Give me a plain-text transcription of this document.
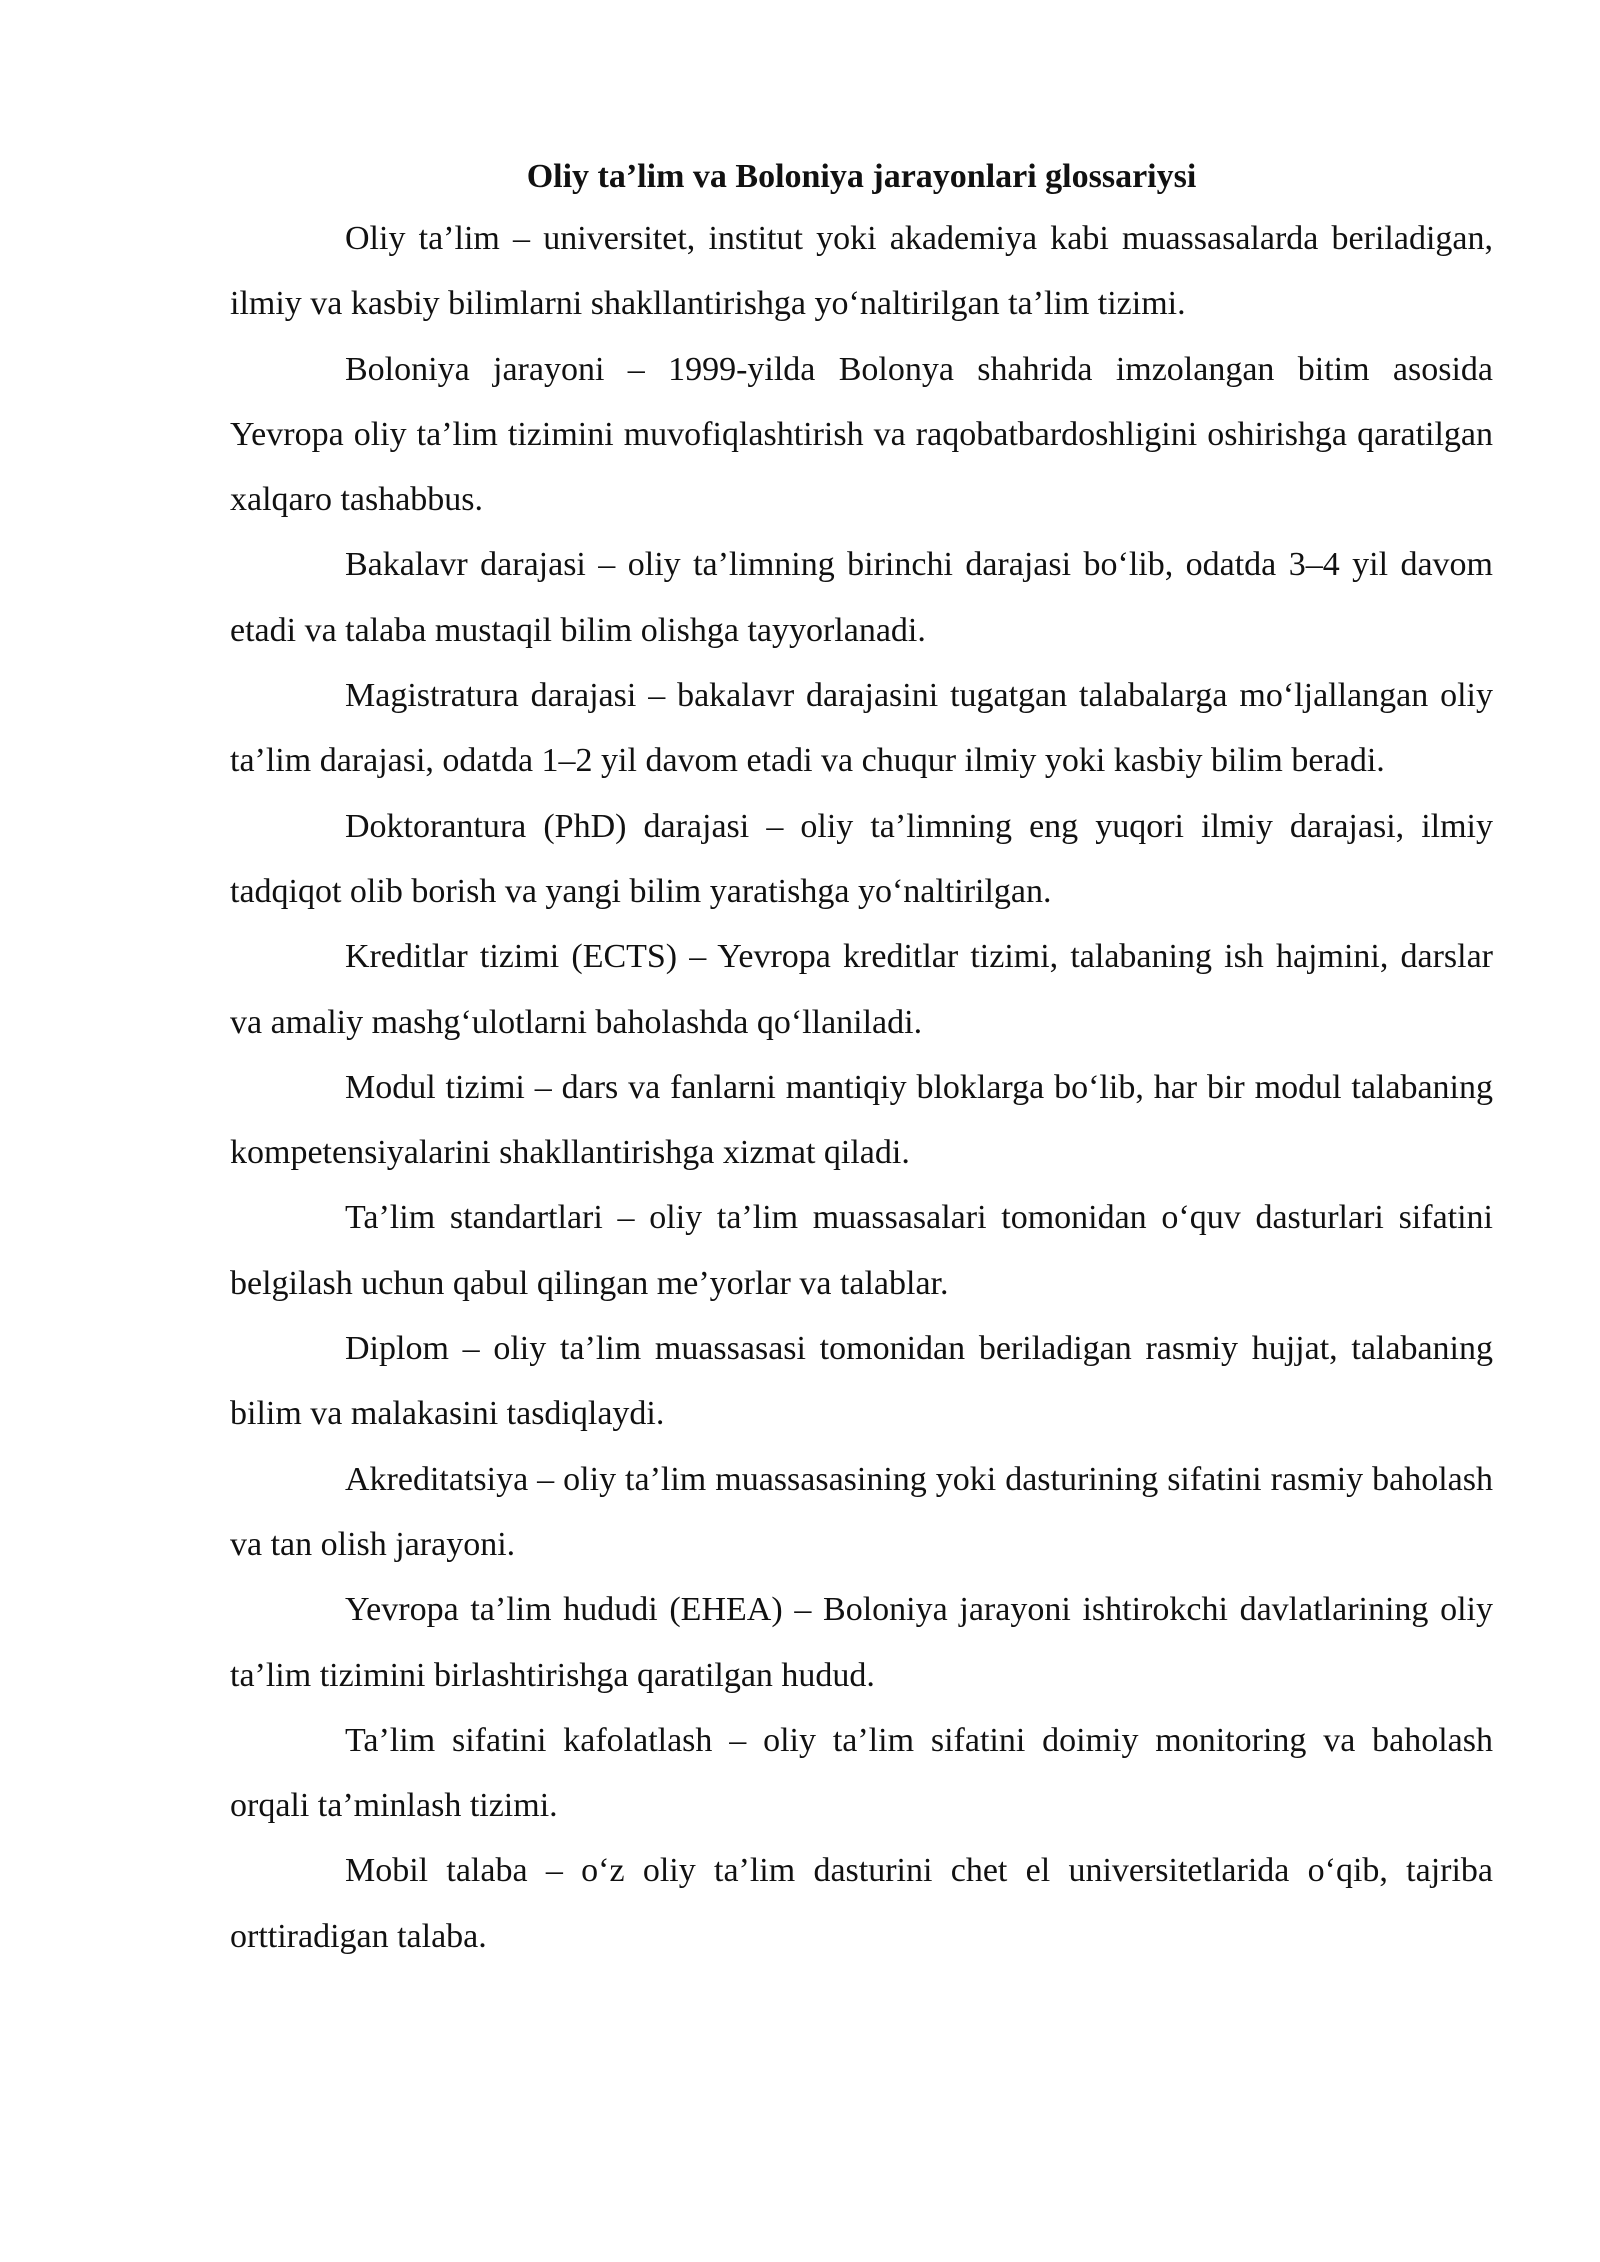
Oliy ta’lim va Boloniya jarayonlari glossariysi

Oliy ta’lim – universitet, institut yoki akademiya kabi muassasalarda beriladigan, ilmiy va kasbiy bilimlarni shakllantirishga yo‘naltirilgan ta’lim tizimi.

Boloniya jarayoni – 1999-yilda Bolonya shahrida imzolangan bitim asosida Yevropa oliy ta’lim tizimini muvofiqlashtirish va raqobatbardoshligini oshirishga qaratilgan xalqaro tashabbus.

Bakalavr darajasi – oliy ta’limning birinchi darajasi bo‘lib, odatda 3–4 yil davom etadi va talaba mustaqil bilim olishga tayyorlanadi.

Magistratura darajasi – bakalavr darajasini tugatgan talabalarga mo‘ljallangan oliy ta’lim darajasi, odatda 1–2 yil davom etadi va chuqur ilmiy yoki kasbiy bilim beradi.

Doktorantura (PhD) darajasi – oliy ta’limning eng yuqori ilmiy darajasi, ilmiy tadqiqot olib borish va yangi bilim yaratishga yo‘naltirilgan.

Kreditlar tizimi (ECTS) – Yevropa kreditlar tizimi, talabaning ish hajmini, darslar va amaliy mashg‘ulotlarni baholashda qo‘llaniladi.

Modul tizimi – dars va fanlarni mantiqiy bloklarga bo‘lib, har bir modul talabaning kompetensiyalarini shakllantirishga xizmat qiladi.

Ta’lim standartlari – oliy ta’lim muassasalari tomonidan o‘quv dasturlari sifatini belgilash uchun qabul qilingan me’yorlar va talablar.

Diplom – oliy ta’lim muassasasi tomonidan beriladigan rasmiy hujjat, talabaning bilim va malakasini tasdiqlaydi.

Akreditatsiya – oliy ta’lim muassasasining yoki dasturining sifatini rasmiy baholash va tan olish jarayoni.

Yevropa ta’lim hududi (EHEA) – Boloniya jarayoni ishtirokchi davlatlarining oliy ta’lim tizimini birlashtirishga qaratilgan hudud.

Ta’lim sifatini kafolatlash – oliy ta’lim sifatini doimiy monitoring va baholash orqali ta’minlash tizimi.

Mobil talaba – o‘z oliy ta’lim dasturini chet el universitetlarida o‘qib, tajriba orttiradigan talaba.
